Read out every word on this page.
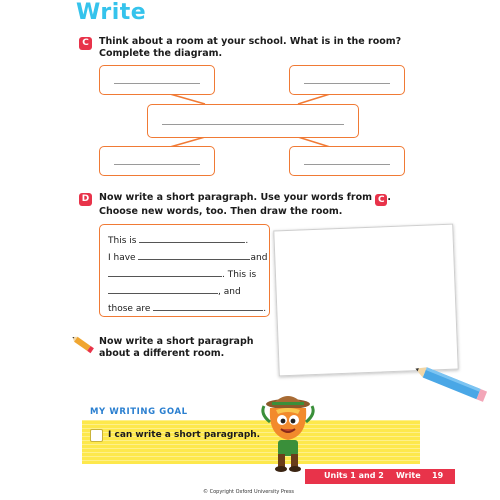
Write
C	Think about a room at your school. What is in the room?
Complete the diagram.
D Now write a short paragraph. Use your words from C .
Choose new words, too. Then draw the room.
This is	.
I have	and
. This is
, and
those are	.
Now write a short paragraph
about a different room.
MY WRITING GOAL
I can write a short paragraph.
Units 1 and 2 Write 19
© Copyright Oxford University Press
